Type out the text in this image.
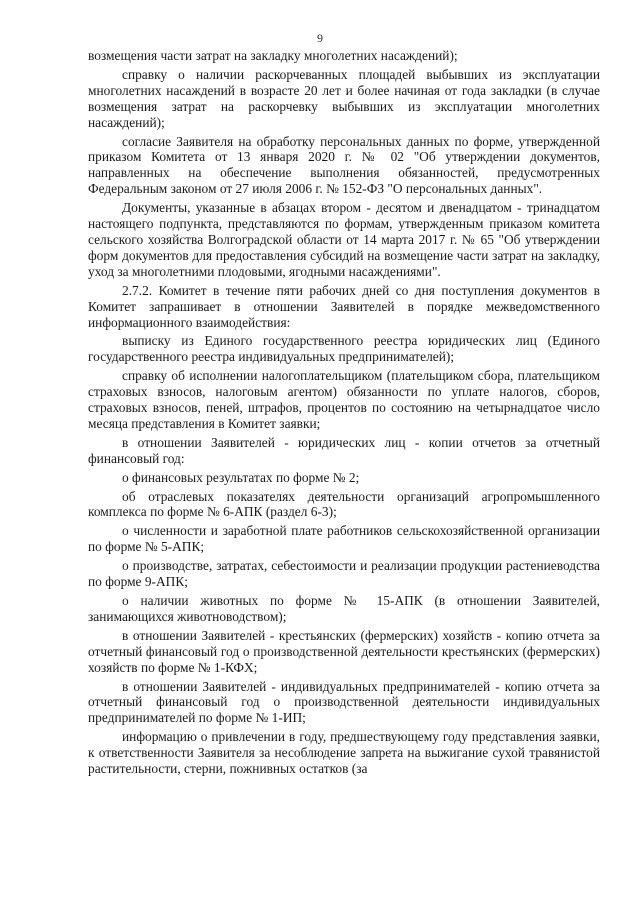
9

возмещения части затрат на закладку многолетних насаждений);

справку о наличии раскорчеванных площадей выбывших из эксплуатации многолетних насаждений в возрасте 20 лет и более начиная от года закладки (в случае возмещения затрат на раскорчевку выбывших из эксплуатации многолетних насаждений);

согласие Заявителя на обработку персональных данных по форме, утвержденной приказом Комитета от 13 января 2020 г. № 02 "Об утверждении документов, направленных на обеспечение выполнения обязанностей, предусмотренных Федеральным законом от 27 июля 2006 г. № 152-ФЗ "О персональных данных".

Документы, указанные в абзацах втором - десятом и двенадцатом - тринадцатом настоящего подпункта, представляются по формам, утвержденным приказом комитета сельского хозяйства Волгоградской области от 14 марта 2017 г. № 65 "Об утверждении форм документов для предоставления субсидий на возмещение части затрат на закладку, уход за многолетними плодовыми, ягодными насаждениями".

2.7.2. Комитет в течение пяти рабочих дней со дня поступления документов в Комитет запрашивает в отношении Заявителей в порядке межведомственного информационного взаимодействия:

выписку из Единого государственного реестра юридических лиц (Единого государственного реестра индивидуальных предпринимателей);

справку об исполнении налогоплательщиком (плательщиком сбора, плательщиком страховых взносов, налоговым агентом) обязанности по уплате налогов, сборов, страховых взносов, пеней, штрафов, процентов по состоянию на четырнадцатое число месяца представления в Комитет заявки;

в отношении Заявителей - юридических лиц - копии отчетов за отчетный финансовый год:

о финансовых результатах по форме № 2;

об отраслевых показателях деятельности организаций агропромышленного комплекса по форме № 6-АПК (раздел 6-3);

о численности и заработной плате работников сельскохозяйственной организации по форме № 5-АПК;

о производстве, затратах, себестоимости и реализации продукции растениеводства по форме 9-АПК;

о наличии животных по форме № 15-АПК (в отношении Заявителей, занимающихся животноводством);

в отношении Заявителей - крестьянских (фермерских) хозяйств - копию отчета за отчетный финансовый год о производственной деятельности крестьянских (фермерских) хозяйств по форме № 1-КФХ;

в отношении Заявителей - индивидуальных предпринимателей - копию отчета за отчетный финансовый год о производственной деятельности индивидуальных предпринимателей по форме № 1-ИП;

информацию о привлечении в году, предшествующему году представления заявки, к ответственности Заявителя за несоблюдение запрета на выжигание сухой травянистой растительности, стерни, пожнивных остатков (за
